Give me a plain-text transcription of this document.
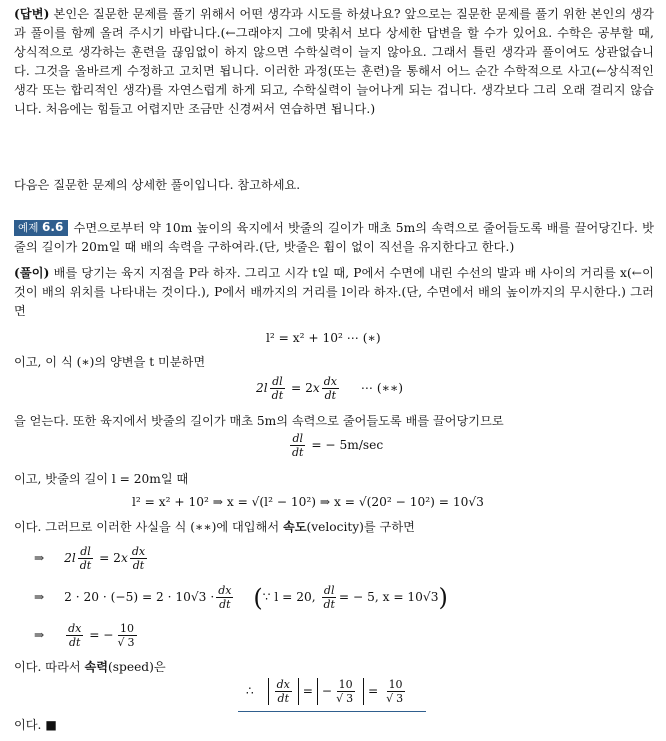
(답변) 본인은 질문한 문제를 풀기 위해서 어떤 생각과 시도를 하셨나요? 앞으로는 질문한 문제를 풀기 위한 본인의 생각과 풀이를 함께 올려 주시기 바랍니다.(←그래야지 그에 맞춰서 보다 상세한 답변을 할 수가 있어요. 수학은 공부할 때, 상식적으로 생각하는 훈련을 끊임없이 하지 않으면 수학실력이 늘지 않아요. 그래서 틀린 생각과 풀이여도 상관없습니다. 그것을 올바르게 수정하고 고치면 됩니다. 이러한 과정(또는 훈련)을 통해서 어느 순간 수학적으로 사고(←상식적인 생각 또는 합리적인 생각)를 자연스럽게 하게 되고, 수학실력이 늘어나게 되는 겁니다. 생각보다 그리 오래 걸리지 않습니다. 처음에는 힘들고 어렵지만 조금만 신경써서 연습하면 됩니다.)
다음은 질문한 문제의 상세한 풀이입니다. 참고하세요.
예제 6.6 수면으로부터 약 10m 높이의 육지에서 밧줄의 길이가 매초 5m의 속력으로 줄어들도록 배를 끌어당긴다. 밧줄의 길이가 20m일 때 배의 속력을 구하여라.(단, 밧줄은 휨이 없이 직선을 유지한다고 한다.)
(풀이) 배를 당기는 육지 지점을 P라 하자. 그리고 시각 t일 때, P에서 수면에 내린 수선의 발과 배 사이의 거리를 x(←이것이 배의 위치를 나타내는 것이다.), P에서 배까지의 거리를 l이라 하자.(단, 수면에서 배의 높이까지의 무시한다.) 그러면
l² = x² + 10² ⋯ (∗)
이고, 이 식 (∗)의 양변을 t 미분하면
$2l \frac{dl}{dt} = 2x \frac{dx}{dt}$ ⋯ (∗∗)
을 얻는다. 또한 육지에서 밧줄의 길이가 매초 5m의 속력으로 줄어들도록 배를 끌어당기므로
$\frac{dl}{dt}$ = − 5m/sec
이고, 밧줄의 길이 l = 20m일 때
l² = x² + 10² ⇒ x = √(l² − 10²) ⇒ x = √(20² − 10²) = 10√3
이다. 그러므로 이러한 사실을 식 (∗∗)에 대입해서 속도(velocity)를 구하면
⇒ $2l \frac{dl}{dt} = 2x \frac{dx}{dt}$
⇒ $2 \cdot 20 \cdot (-5) = 2 \cdot 10√3 \cdot \frac{dx}{dt}$ (∵ l = 20, $\frac{dl}{dt}$ = − 5, x = 10√3)
⇒ $\frac{dx}{dt}$ = − $\frac{10}{√ 3}$
이다. 따라서 속력(speed)은
∴ $\frac{dx}{dt}$ = − $\frac{10}{√ 3} = \frac{10}{√ 3}$
이다. ■
